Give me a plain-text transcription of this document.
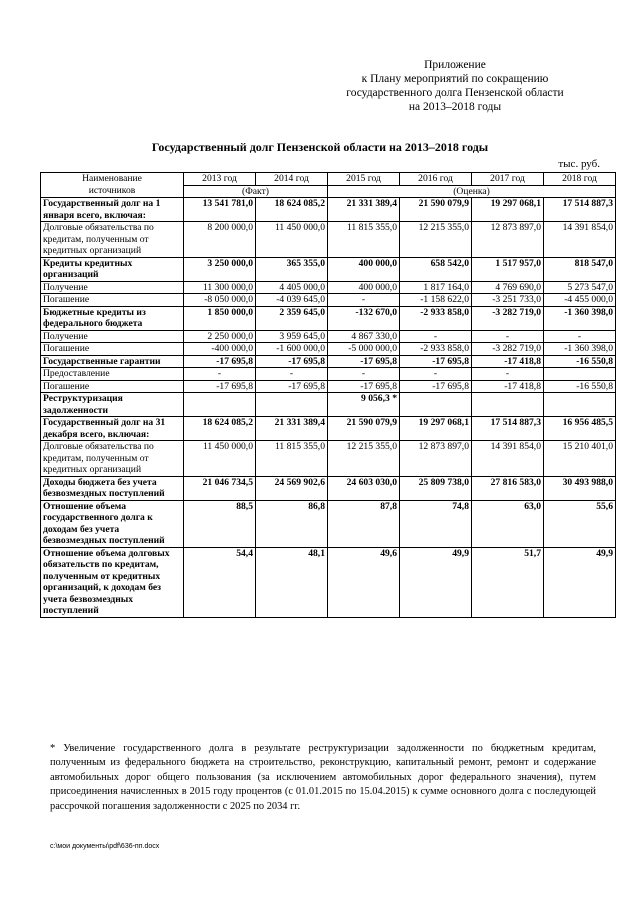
Приложение
к Плану мероприятий по сокращению
государственного долга Пензенской области
на 2013–2018 годы
Государственный долг Пензенской области на 2013–2018 годы
тыс. руб.
Наименование
источников	2013 год	2014 год	2015 год	2016 год	2017 год	2018 год
	(Факт)		(Оценка)			
Государственный долг на 1 января всего, включая:	13 541 781,0	18 624 085,2	21 331 389,4	21 590 079,9	19 297 068,1	17 514 887,3
Долговые обязательства по кредитам, полученным от кредитных организаций	8 200 000,0	11 450 000,0	11 815 355,0	12 215 355,0	12 873 897,0	14 391 854,0
Кредиты кредитных организаций	3 250 000,0	365 355,0	400 000,0	658 542,0	1 517 957,0	818 547,0
Получение	11 300 000,0	4 405 000,0	400 000,0	1 817 164,0	4 769 690,0	5 273 547,0
Погашение	-8 050 000,0	-4 039 645,0	-	-1 158 622,0	-3 251 733,0	-4 455 000,0
Бюджетные кредиты из федерального бюджета	1 850 000,0	2 359 645,0	-132 670,0	-2 933 858,0	-3 282 719,0	-1 360 398,0
Получение	2 250 000,0	3 959 645,0	4 867 330,0	-	-	-
Погашение	-400 000,0	-1 600 000,0	-5 000 000,0	-2 933 858,0	-3 282 719,0	-1 360 398,0
Государственные гарантии	-17 695,8	-17 695,8	-17 695,8	-17 695,8	-17 418,8	-16 550,8
Предоставление	-	-	-	-	-	
Погашение	-17 695,8	-17 695,8	-17 695,8	-17 695,8	-17 418,8	-16 550,8
Реструктуризация задолженности			9 056,3 *			
Государственный долг на 31 декабря всего, включая:	18 624 085,2	21 331 389,4	21 590 079,9	19 297 068,1	17 514 887,3	16 956 485,5
Долговые обязательства по кредитам, полученным от кредитных организаций	11 450 000,0	11 815 355,0	12 215 355,0	12 873 897,0	14 391 854,0	15 210 401,0
Доходы бюджета без учета безвозмездных поступлений	21 046 734,5	24 569 902,6	24 603 030,0	25 809 738,0	27 816 583,0	30 493 988,0
Отношение объема государственного долга к доходам без учета безвозмездных поступлений	88,5	86,8	87,8	74,8	63,0	55,6
Отношение объема долговых обязательств по кредитам, полученным от кредитных организаций, к доходам без учета безвозмездных поступлений	54,4	48,1	49,6	49,9	51,7	49,9
* Увеличение государственного долга в результате реструктуризации задолженности по бюджетным кредитам, полученным из федерального бюджета на строительство, реконструкцию, капитальный ремонт, ремонт и содержание автомобильных дорог общего пользования (за исключением автомобильных дорог федерального значения), путем присоединения начисленных в 2015 году процентов (с 01.01.2015 по 15.04.2015) к сумме основного долга с последующей рассрочкой погашения задолженности с 2025 по 2034 гг.
c:\мои документы\pdf\636-пп.docx
